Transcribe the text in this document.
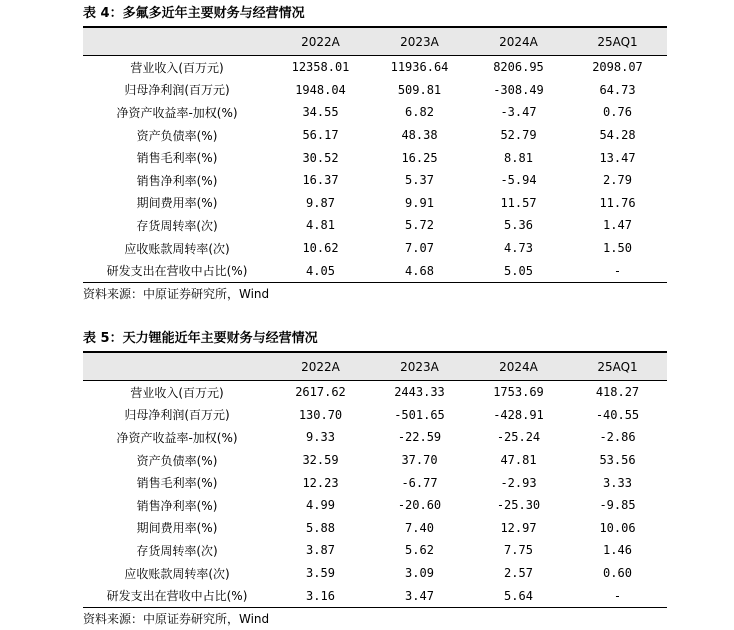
表 4：多氟多近年主要财务与经营情况
	2022A	2023A	2024A	25AQ1
营业收入(百万元)	12358.01	11936.64	8206.95	2098.07
归母净利润(百万元)	1948.04	509.81	-308.49	64.73
净资产收益率-加权(%)	34.55	6.82	-3.47	0.76
资产负债率(%)	56.17	48.38	52.79	54.28
销售毛利率(%)	30.52	16.25	8.81	13.47
销售净利率(%)	16.37	5.37	-5.94	2.79
期间费用率(%)	9.87	9.91	11.57	11.76
存货周转率(次)	4.81	5.72	5.36	1.47
应收账款周转率(次)	10.62	7.07	4.73	1.50
研发支出在营收中占比(%)	4.05	4.68	5.05	-
资料来源：中原证券研究所，Wind
表 5：天力锂能近年主要财务与经营情况
	2022A	2023A	2024A	25AQ1
营业收入(百万元)	2617.62	2443.33	1753.69	418.27
归母净利润(百万元)	130.70	-501.65	-428.91	-40.55
净资产收益率-加权(%)	9.33	-22.59	-25.24	-2.86
资产负债率(%)	32.59	37.70	47.81	53.56
销售毛利率(%)	12.23	-6.77	-2.93	3.33
销售净利率(%)	4.99	-20.60	-25.30	-9.85
期间费用率(%)	5.88	7.40	12.97	10.06
存货周转率(次)	3.87	5.62	7.75	1.46
应收账款周转率(次)	3.59	3.09	2.57	0.60
研发支出在营收中占比(%)	3.16	3.47	5.64	-
资料来源：中原证券研究所，Wind
